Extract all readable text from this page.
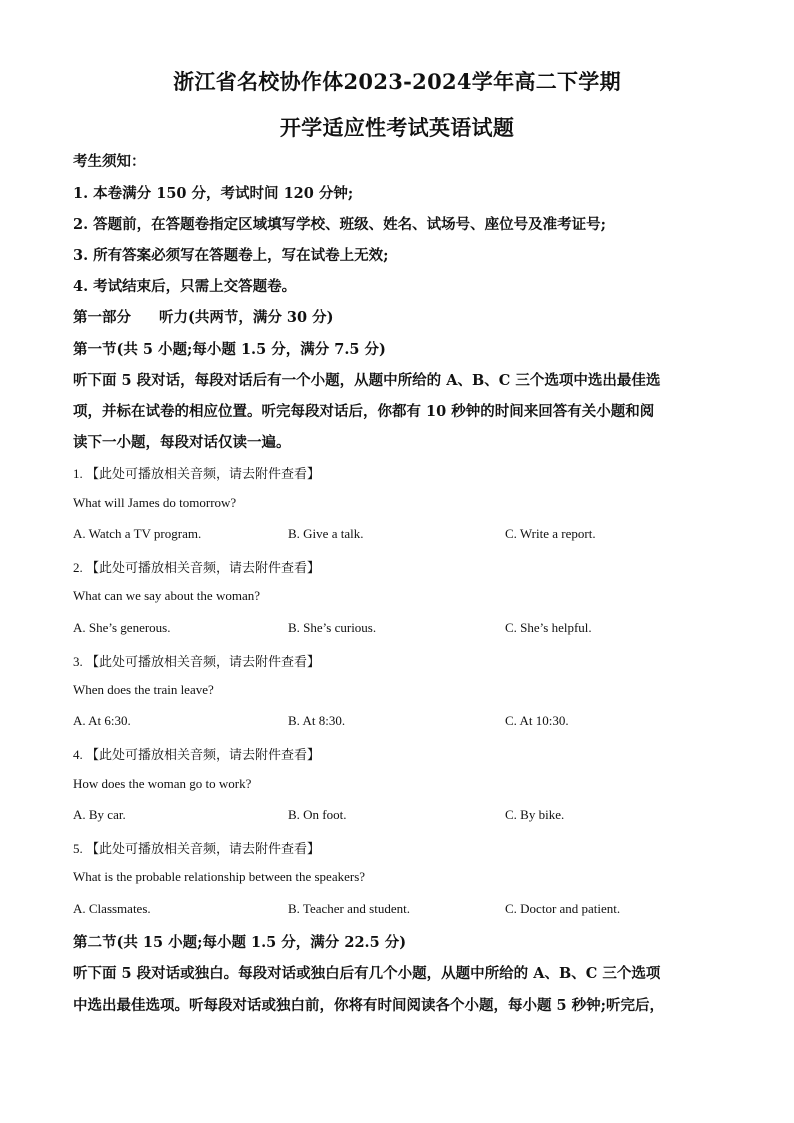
浙江省名校协作体2023-2024学年高二下学期
开学适应性考试英语试题

考生须知：

1. 本卷满分 150 分，考试时间 120 分钟;

2. 答题前，在答题卷指定区域填写学校、班级、姓名、试场号、座位号及准考证号;

3. 所有答案必须写在答题卷上，写在试卷上无效;

4. 考试结束后，只需上交答题卷。

第一部分 听力(共两节，满分 30 分)

第一节(共 5 小题;每小题 1.5 分，满分 7.5 分)

听下面 5 段对话，每段对话后有一个小题，从题中所给的 A、B、C 三个选项中选出最佳选

项，并标在试卷的相应位置。听完每段对话后，你都有 10 秒钟的时间来回答有关小题和阅

读下一小题，每段对话仅读一遍。

1. 【此处可播放相关音频，请去附件查看】

What will James do tomorrow?

A. Watch a TV program.	B. Give a talk.	C. Write a report.

2. 【此处可播放相关音频，请去附件查看】

What can we say about the woman?

A. She’s generous.	B. She’s curious.	C. She’s helpful.

3. 【此处可播放相关音频，请去附件查看】

When does the train leave?

A. At 6:30.	B. At 8:30.	C. At 10:30.

4. 【此处可播放相关音频，请去附件查看】

How does the woman go to work?

A. By car.	B. On foot.	C. By bike.

5. 【此处可播放相关音频，请去附件查看】

What is the probable relationship between the speakers?

A. Classmates.	B. Teacher and student.	C. Doctor and patient.

第二节(共 15 小题;每小题 1.5 分，满分 22.5 分)

听下面 5 段对话或独白。每段对话或独白后有几个小题，从题中所给的 A、B、C 三个选项

中选出最佳选项。听每段对话或独白前，你将有时间阅读各个小题，每小题 5 秒钟;听完后，
